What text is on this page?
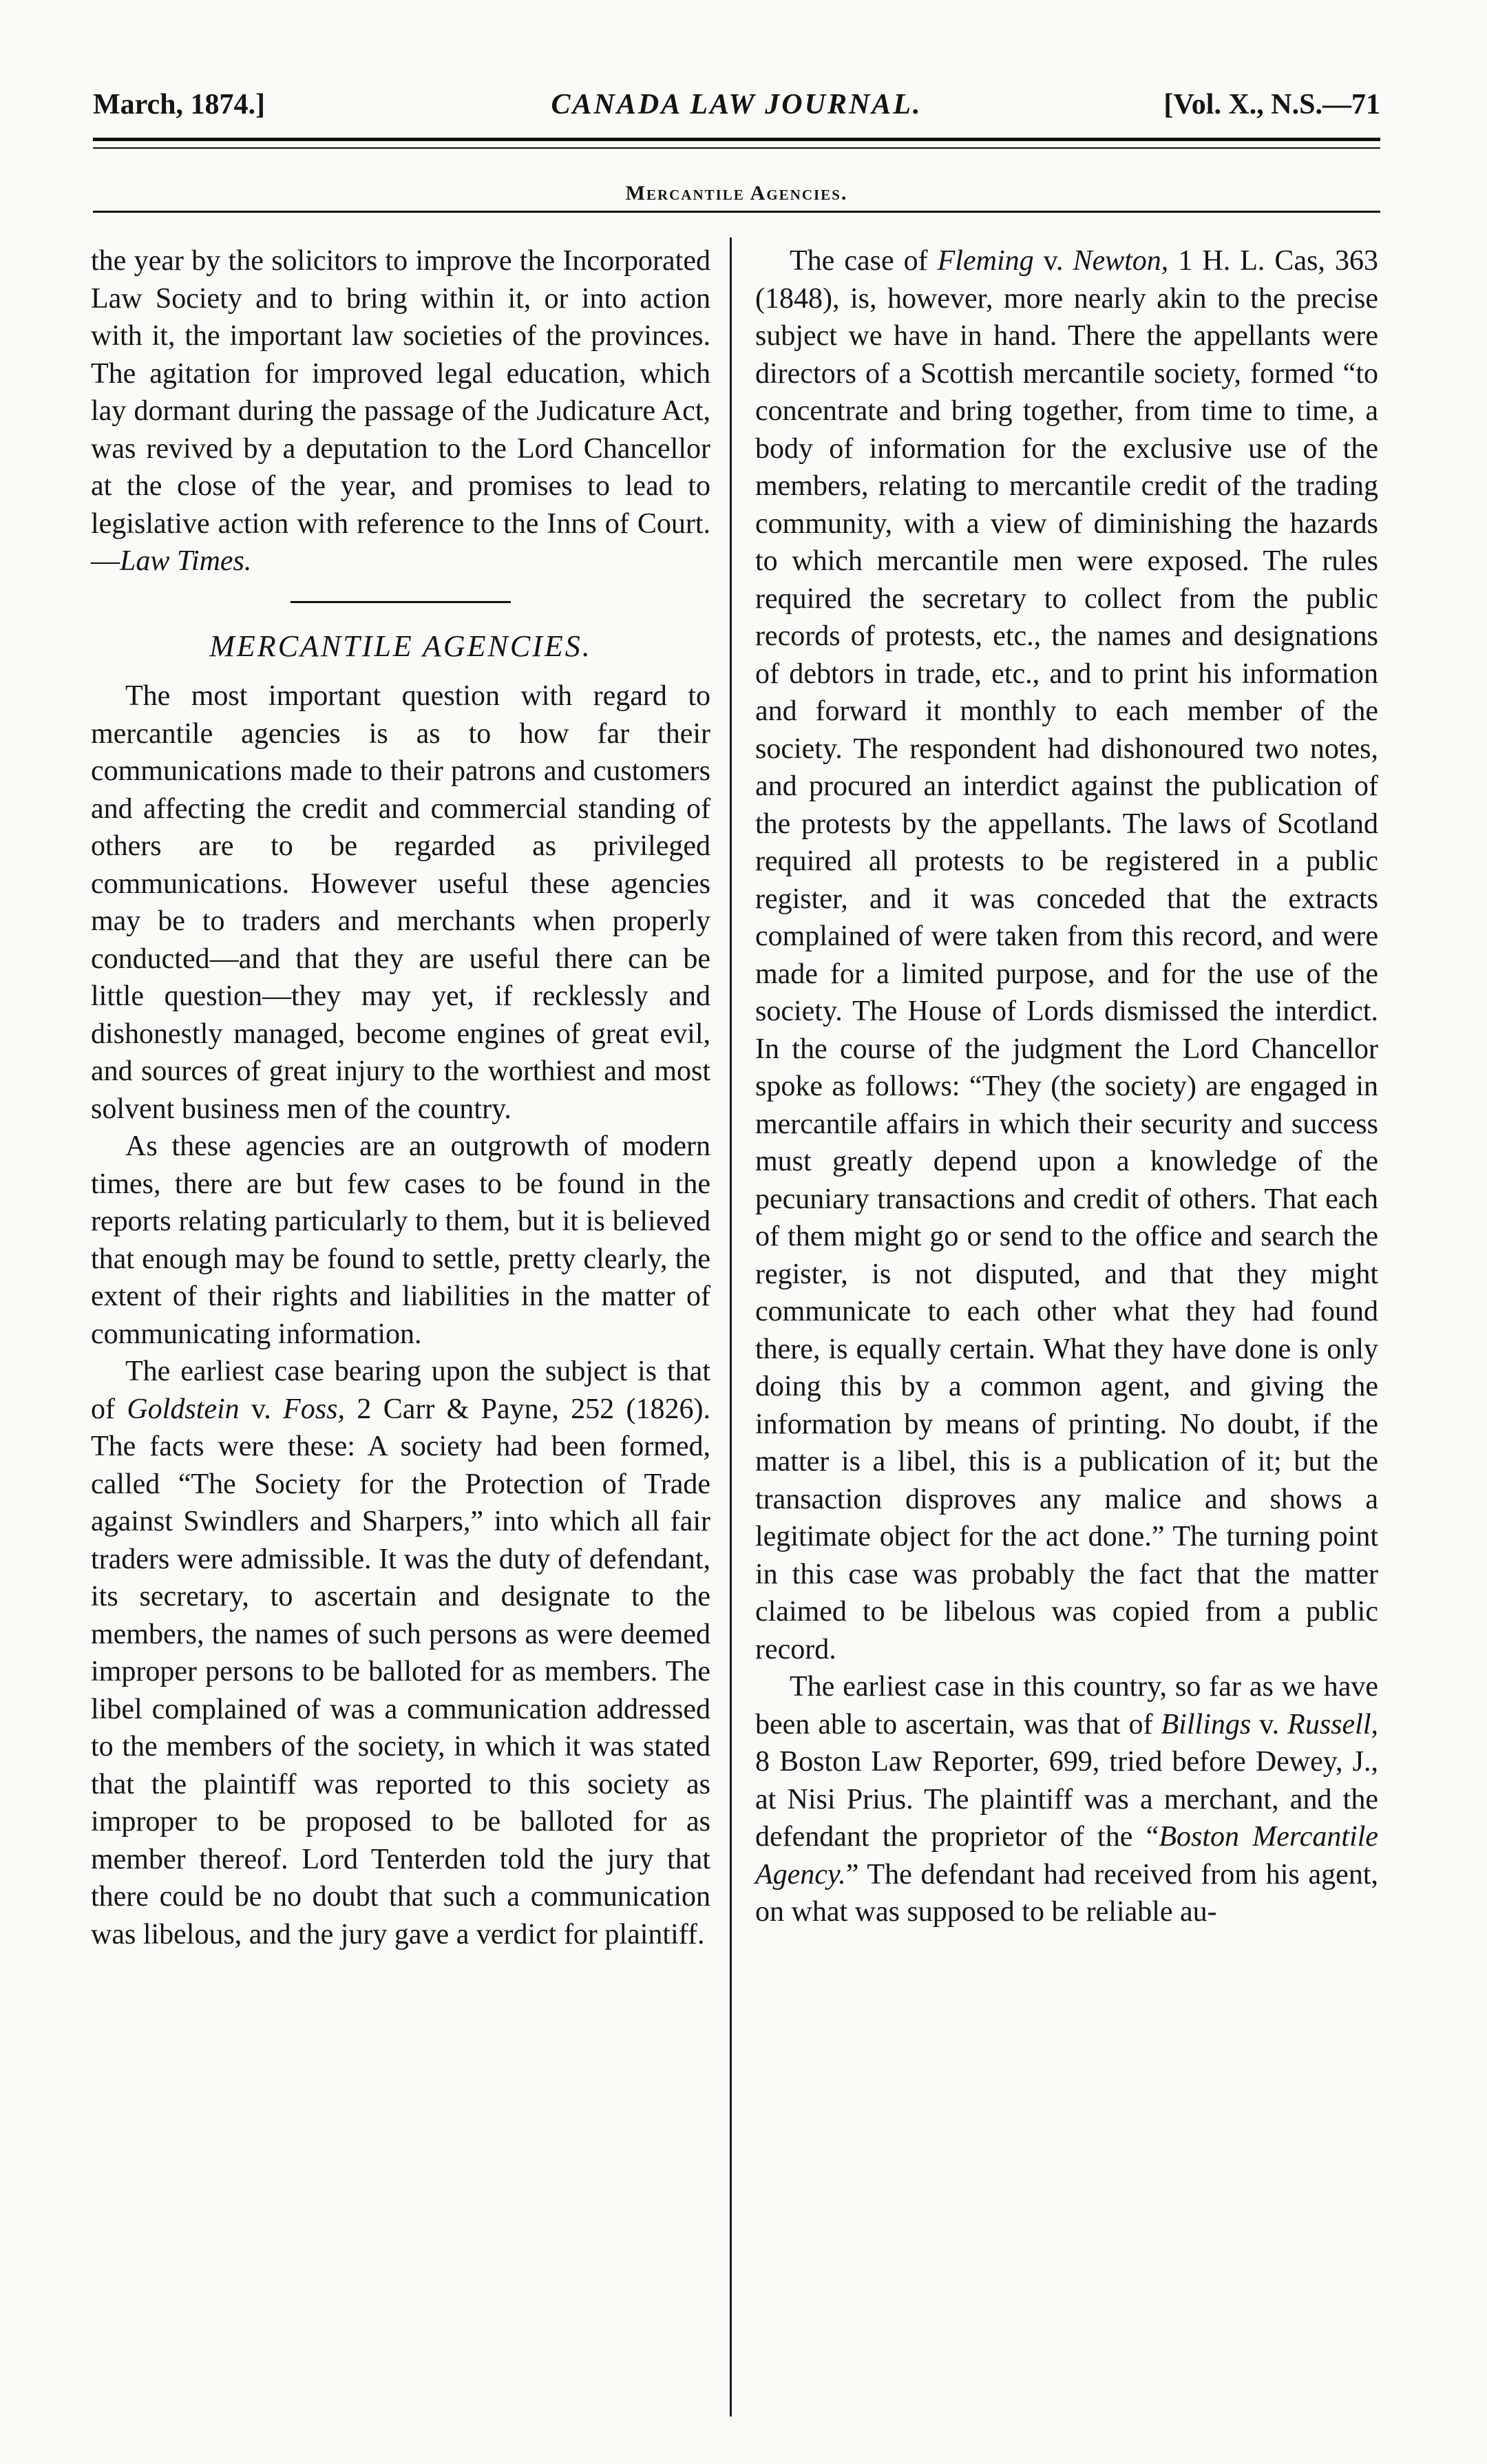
March, 1874.]	CANADA LAW JOURNAL.	[Vol. X., N.S.—71
Mercantile Agencies.

the year by the solicitors to improve the Incorporated Law Society and to bring within it, or into action with it, the important law societies of the provinces. The agitation for improved legal education, which lay dormant during the passage of the Judicature Act, was revived by a deputation to the Lord Chancellor at the close of the year, and promises to lead to legislative action with reference to the Inns of Court.—Law Times.

MERCANTILE AGENCIES.

The most important question with regard to mercantile agencies is as to how far their communications made to their patrons and customers and affecting the credit and commercial standing of others are to be regarded as privileged communications. However useful these agencies may be to traders and merchants when properly conducted—and that they are useful there can be little question—they may yet, if recklessly and dishonestly managed, become engines of great evil, and sources of great injury to the worthiest and most solvent business men of the country.

As these agencies are an outgrowth of modern times, there are but few cases to be found in the reports relating particularly to them, but it is believed that enough may be found to settle, pretty clearly, the extent of their rights and liabilities in the matter of communicating information.

The earliest case bearing upon the subject is that of Goldstein v. Foss, 2 Carr & Payne, 252 (1826). The facts were these: A society had been formed, called “The Society for the Protection of Trade against Swindlers and Sharpers,” into which all fair traders were admissible. It was the duty of defendant, its secretary, to ascertain and designate to the members, the names of such persons as were deemed improper persons to be balloted for as members. The libel complained of was a communication addressed to the members of the society, in which it was stated that the plaintiff was reported to this society as improper to be proposed to be balloted for as member thereof. Lord Tenterden told the jury that there could be no doubt that such a communication was libelous, and the jury gave a verdict for plaintiff.

The case of Fleming v. Newton, 1 H. L. Cas, 363 (1848), is, however, more nearly akin to the precise subject we have in hand. There the appellants were directors of a Scottish mercantile society, formed “to concentrate and bring together, from time to time, a body of information for the exclusive use of the members, relating to mercantile credit of the trading community, with a view of diminishing the hazards to which mercantile men were exposed. The rules required the secretary to collect from the public records of protests, etc., the names and designations of debtors in trade, etc., and to print his information and forward it monthly to each member of the society. The respondent had dishonoured two notes, and procured an interdict against the publication of the protests by the appellants. The laws of Scotland required all protests to be registered in a public register, and it was conceded that the extracts complained of were taken from this record, and were made for a limited purpose, and for the use of the society. The House of Lords dismissed the interdict. In the course of the judgment the Lord Chancellor spoke as follows: “They (the society) are engaged in mercantile affairs in which their security and success must greatly depend upon a knowledge of the pecuniary transactions and credit of others. That each of them might go or send to the office and search the register, is not disputed, and that they might communicate to each other what they had found there, is equally certain. What they have done is only doing this by a common agent, and giving the information by means of printing. No doubt, if the matter is a libel, this is a publication of it; but the transaction disproves any malice and shows a legitimate object for the act done.” The turning point in this case was probably the fact that the matter claimed to be libelous was copied from a public record.

The earliest case in this country, so far as we have been able to ascertain, was that of Billings v. Russell, 8 Boston Law Reporter, 699, tried before Dewey, J., at Nisi Prius. The plaintiff was a merchant, and the defendant the proprietor of the “Boston Mercantile Agency.” The defendant had received from his agent, on what was supposed to be reliable au-
